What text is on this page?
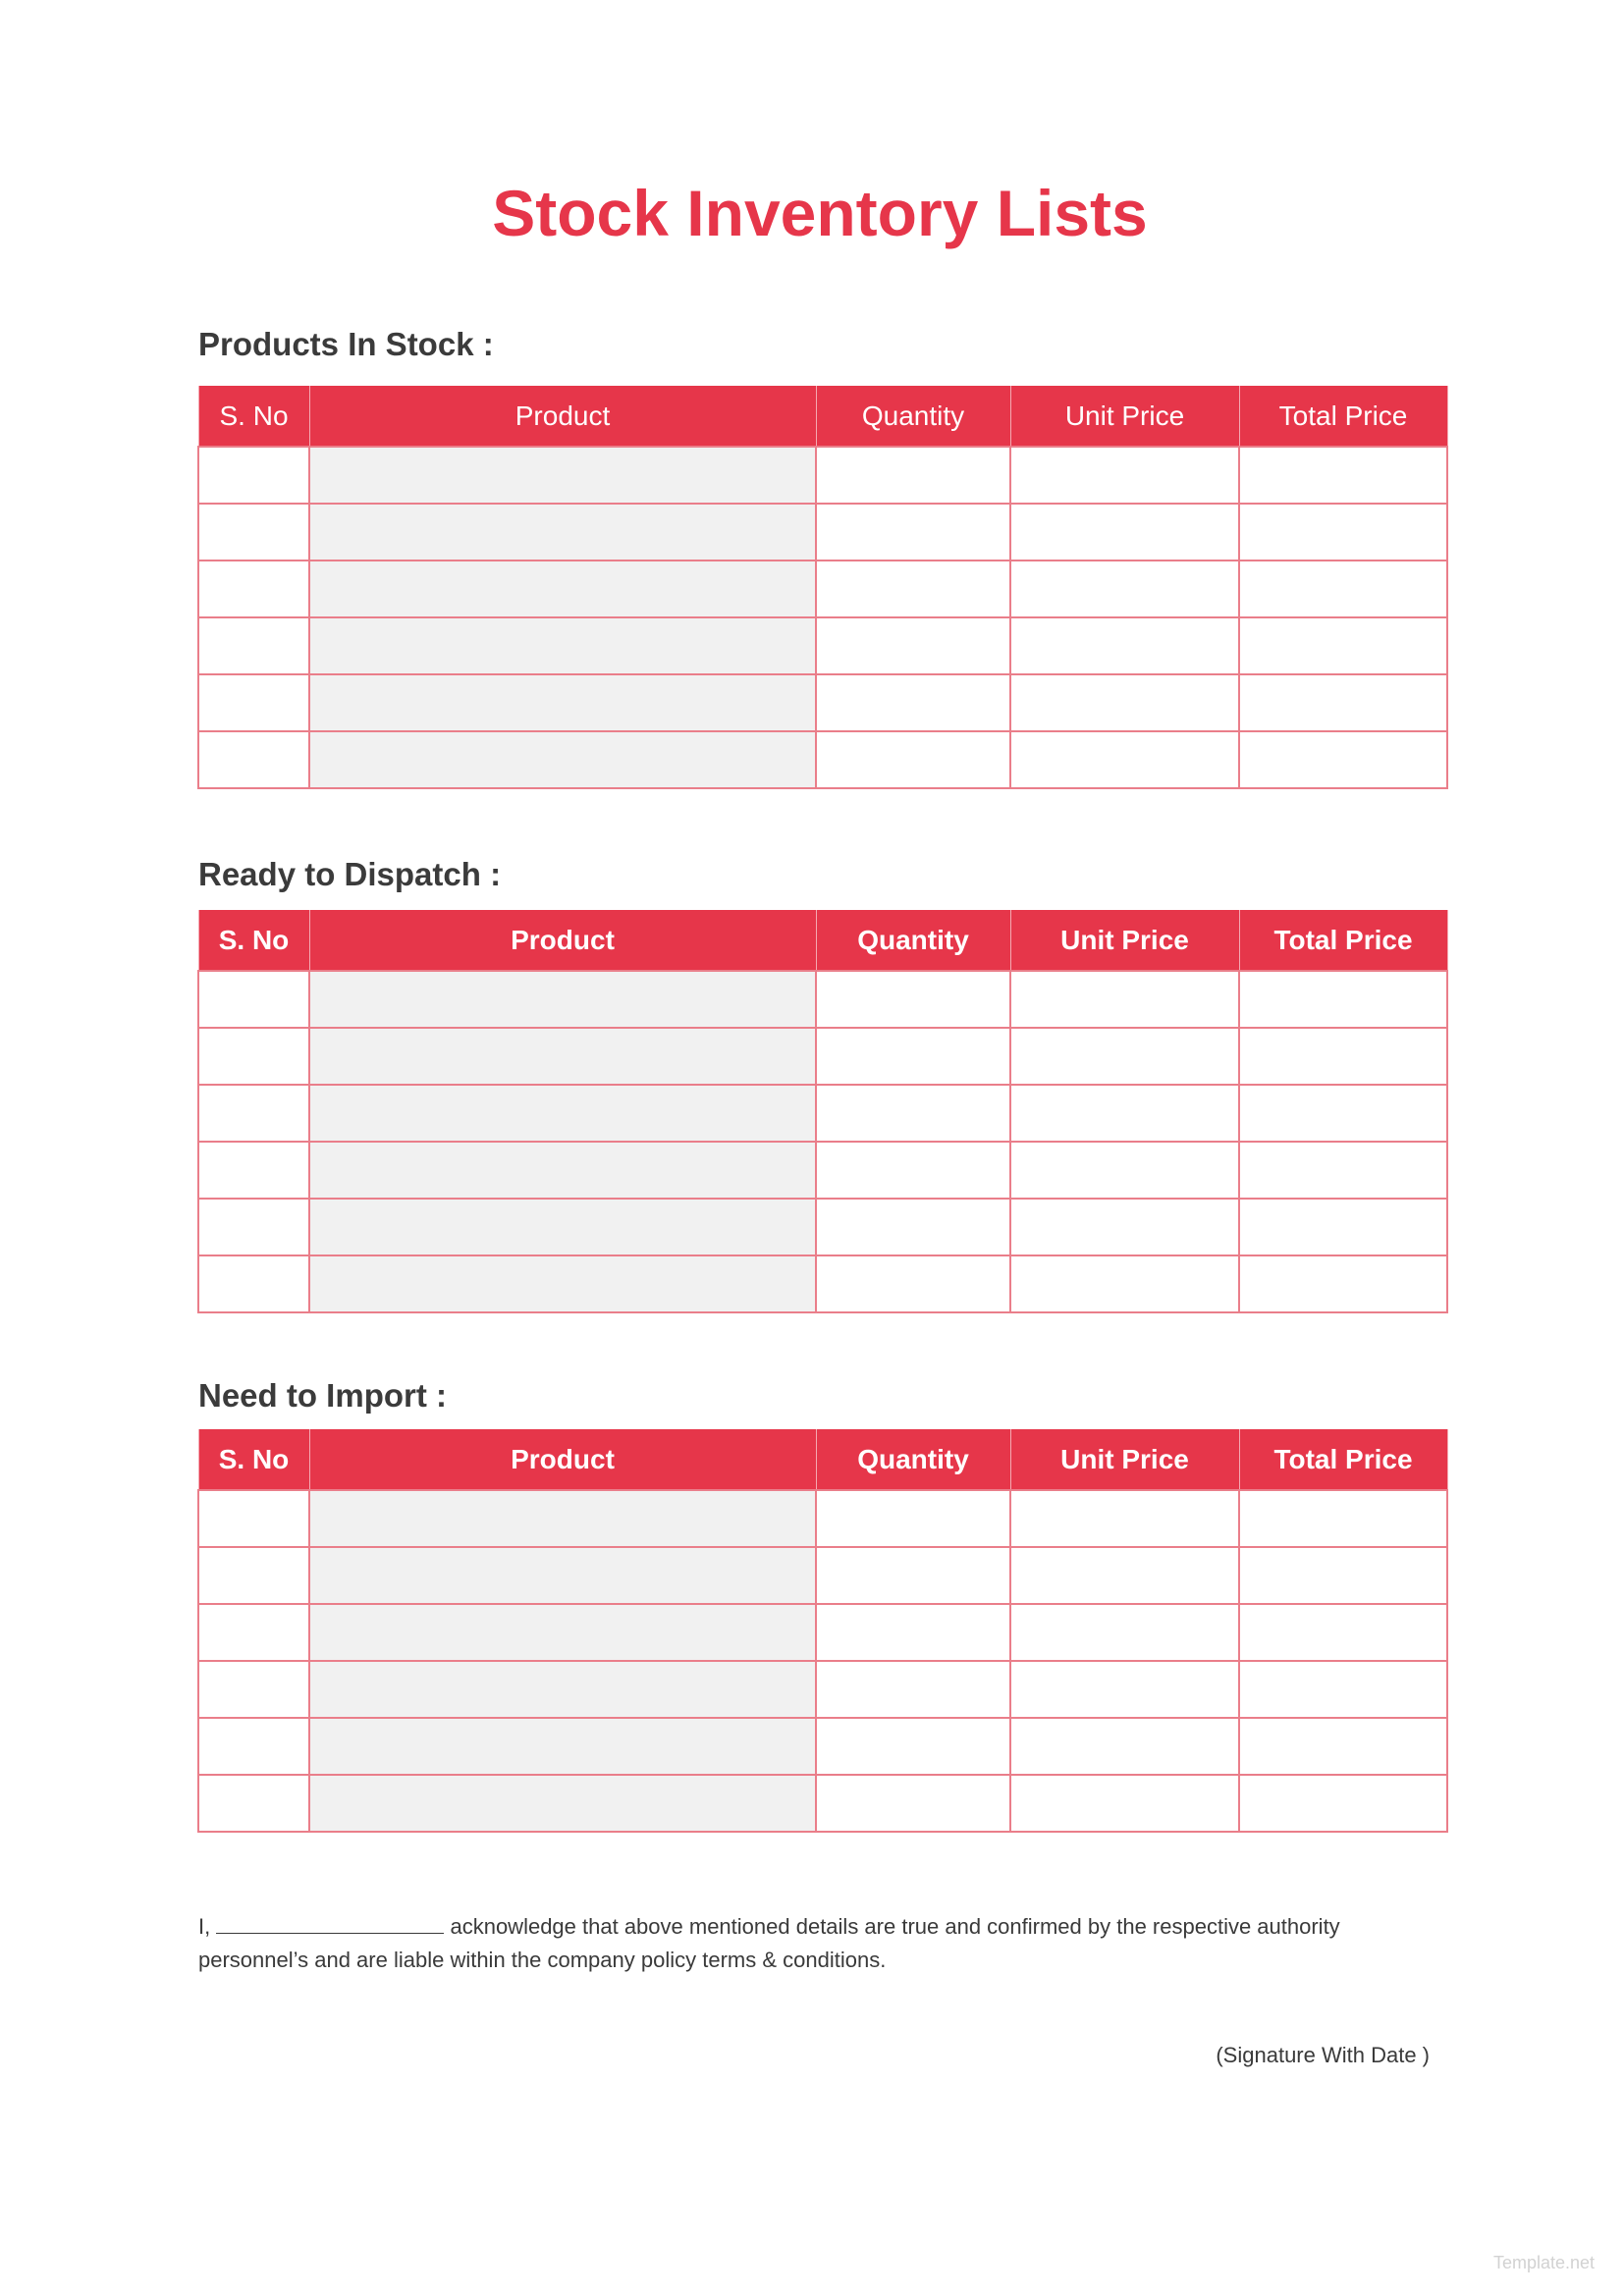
Stock Inventory Lists
Products In Stock :
S. No	Product	Quantity	Unit Price	Total Price

Ready to Dispatch :
S. No	Product	Quantity	Unit Price	Total Price

Need to Import :
S. No	Product	Quantity	Unit Price	Total Price

I,	acknowledge that above mentioned details are true and confirmed by the respective authority
personnel’s and are liable within the company policy terms & conditions.
(Signature With Date )
Template.net
